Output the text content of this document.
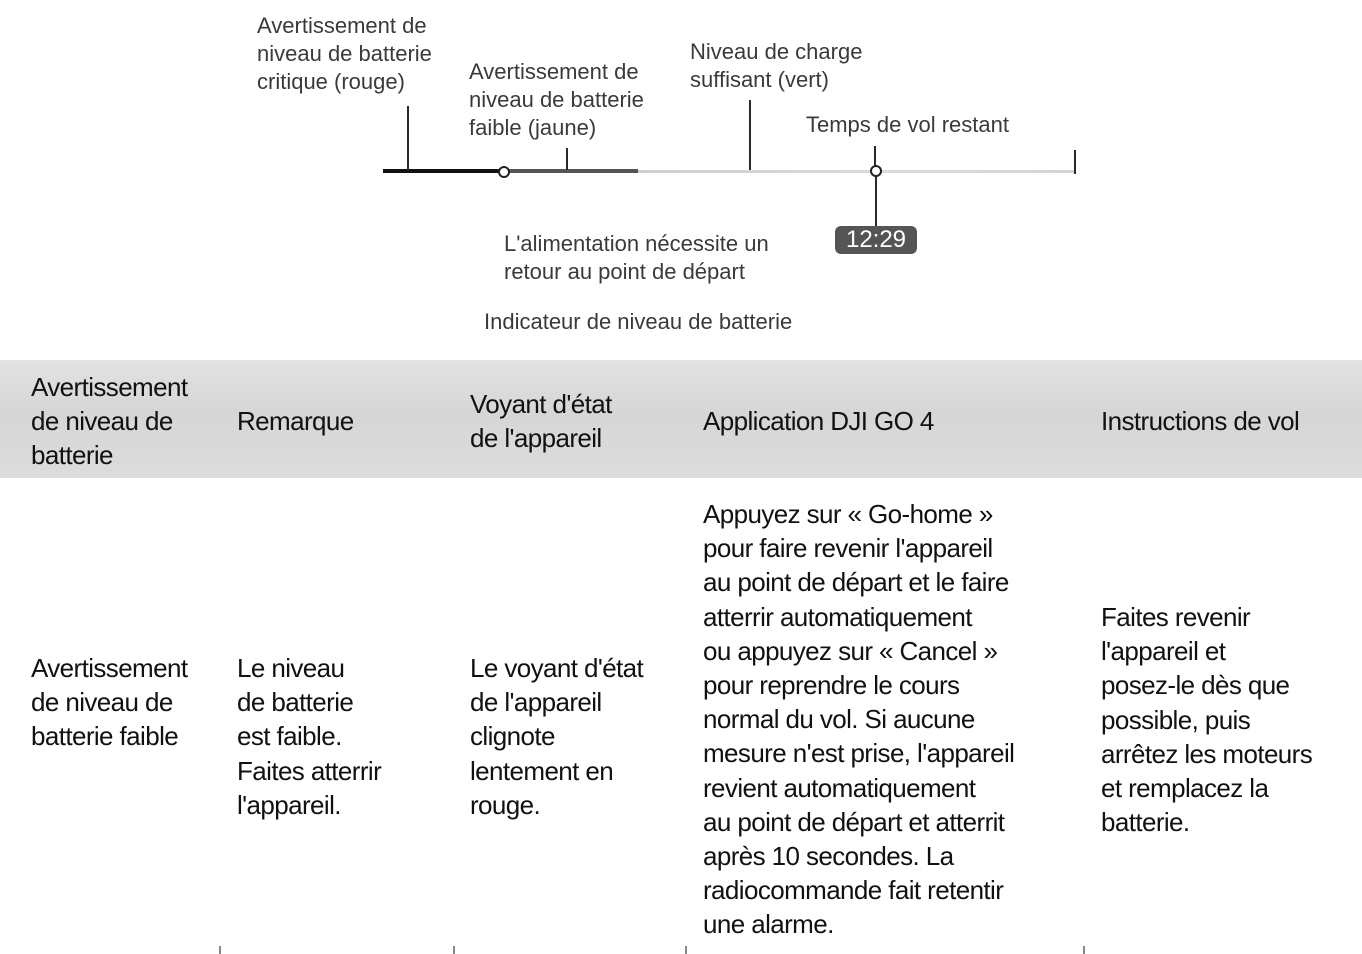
Avertissement de
niveau de batterie
critique (rouge)	Avertissement de
niveau de batterie
faible (jaune)
Niveau de charge
suffisant (vert)
Temps de vol restant
L'alimentation nécessite un
retour au point de départ
12:29
Indicateur de niveau de batterie
Avertissement
de niveau de
batterie
Remarque
Voyant d'état
de l'appareil
Application DJI GO 4	Instructions de vol
Avertissement
de niveau de
batterie faible
Le niveau
de batterie
est faible.
Faites atterrir
l'appareil.
Le voyant d'état
de l'appareil
clignote
lentement en
rouge.
Appuyez sur « Go-home »
pour faire revenir l'appareil
au point de départ et le faire
atterrir automatiquement
ou appuyez sur « Cancel »
pour reprendre le cours
normal du vol. Si aucune
mesure n'est prise, l'appareil
revient automatiquement
au point de départ et atterrit
après 10 secondes. La
radiocommande fait retentir
une alarme.
Faites revenir
l'appareil et
posez-le dès que
possible, puis
arrêtez les moteurs
et remplacez la
batterie.
